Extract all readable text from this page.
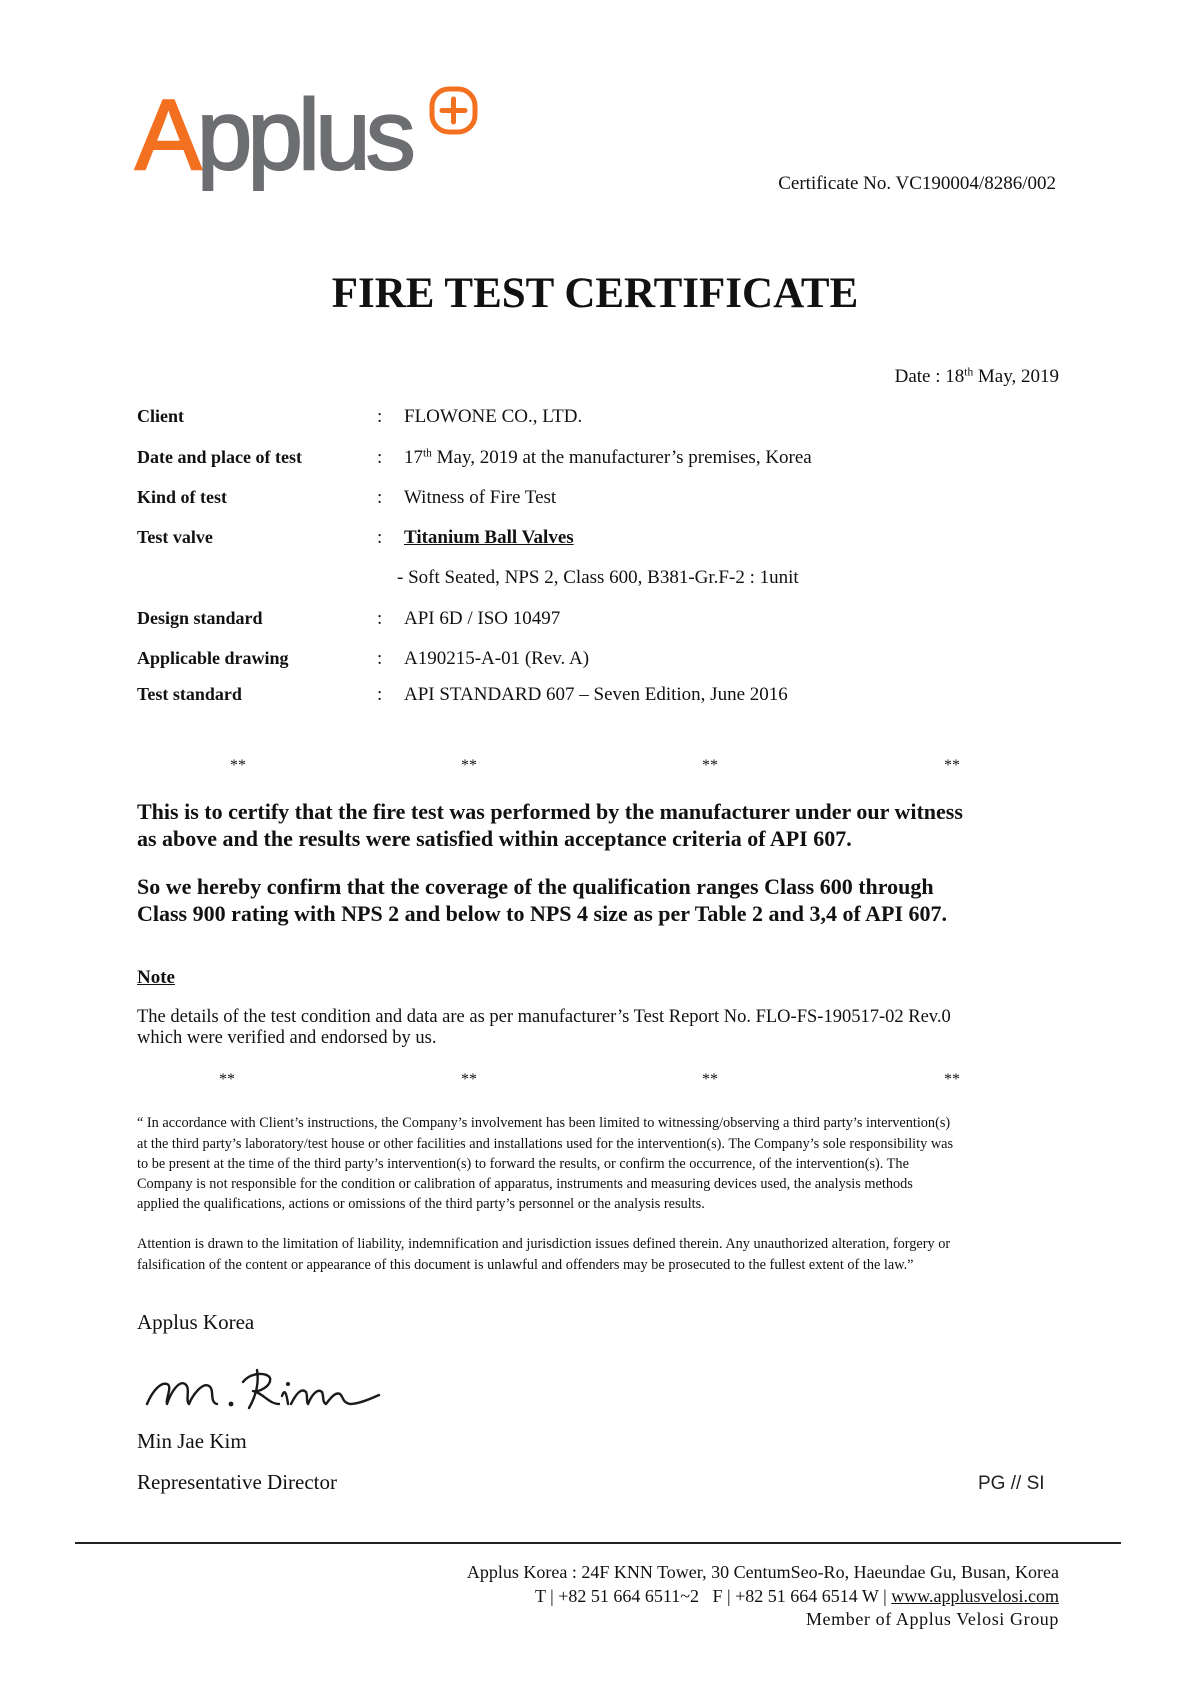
Applus	Certificate No. VC190004/8286/002
FIRE TEST CERTIFICATE
Date : 18th May, 2019
Client	: FLOWONE CO., LTD.
Date and place of test	: 17th May, 2019 at the manufacturer’s premises, Korea
Kind of test	: Witness of Fire Test
Test valve	: Titanium Ball Valves
- Soft Seated, NPS 2, Class 600, B381-Gr.F-2 : 1unit
Design standard	: API 6D / ISO 10497
Applicable drawing	: A190215-A-01 (Rev. A)
Test standard	: API STANDARD 607 – Seven Edition, June 2016
**	**	**	**
This is to certify that the fire test was performed by the manufacturer under our witness
as above and the results were satisfied within acceptance criteria of API 607.
So we hereby confirm that the coverage of the qualification ranges Class 600 through
Class 900 rating with NPS 2 and below to NPS 4 size as per Table 2 and 3,4 of API 607.
Note
The details of the test condition and data are as per manufacturer’s Test Report No. FLO-FS-190517-02 Rev.0
which were verified and endorsed by us.
**	**	**	**
“ In accordance with Client’s instructions, the Company’s involvement has been limited to witnessing/observing a third party’s intervention(s)
at the third party’s laboratory/test house or other facilities and installations used for the intervention(s). The Company’s sole responsibility was
to be present at the time of the third party’s intervention(s) to forward the results, or confirm the occurrence, of the intervention(s). The
Company is not responsible for the condition or calibration of apparatus, instruments and measuring devices used, the analysis methods
applied the qualifications, actions or omissions of the third party’s personnel or the analysis results.
Attention is drawn to the limitation of liability, indemnification and jurisdiction issues defined therein. Any unauthorized alteration, forgery or
falsification of the content or appearance of this document is unlawful and offenders may be prosecuted to the fullest extent of the law.”
Applus Korea
Min Jae Kim
Representative Director	PG // SI
Applus Korea : 24F KNN Tower, 30 CentumSeo-Ro, Haeundae Gu, Busan, Korea
T | +82 51 664 6511~2   F | +82 51 664 6514 W | www.applusvelosi.com
Member of Applus Velosi Group
